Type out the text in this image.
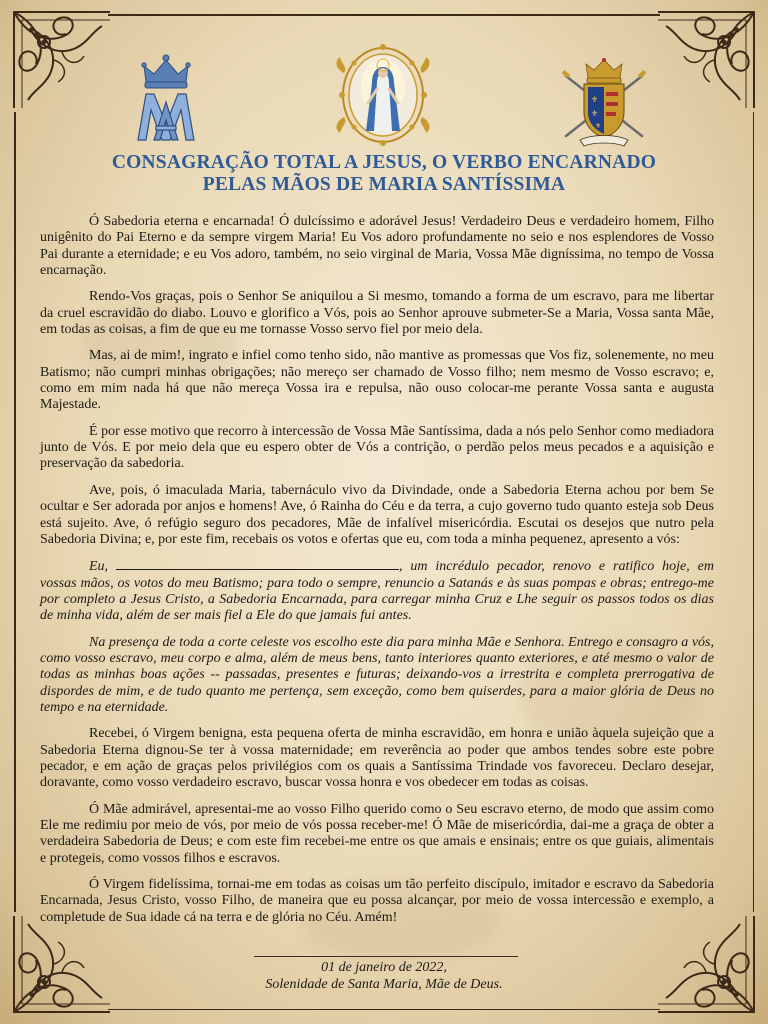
⚜
⚜
⚜
CONSAGRAÇÃO TOTAL A JESUS, O VERBO ENCARNADO
PELAS MÃOS DE MARIA SANTÍSSIMA

Ó Sabedoria eterna e encarnada! Ó dulcíssimo e adorável Jesus! Verdadeiro Deus e verdadeiro homem, Filho unigênito do Pai Eterno e da sempre virgem Maria! Eu Vos adoro profundamente no seio e nos esplendores de Vosso Pai durante a eternidade; e eu Vos adoro, também, no seio virginal de Maria, Vossa Mãe digníssima, no tempo de Vossa encarnação.

Rendo-Vos graças, pois o Senhor Se aniquilou a Si mesmo, tomando a forma de um escravo, para me libertar da cruel escravidão do diabo. Louvo e glorifico a Vós, pois ao Senhor aprouve submeter-Se a Maria, Vossa santa Mãe, em todas as coisas, a fim de que eu me tornasse Vosso servo fiel por meio dela.

Mas, ai de mim!, ingrato e infiel como tenho sido, não mantive as promessas que Vos fiz, solenemente, no meu Batismo; não cumpri minhas obrigações; não mereço ser chamado de Vosso filho; nem mesmo de Vosso escravo; e, como em mim nada há que não mereça Vossa ira e repulsa, não ouso colocar-me perante Vossa santa e augusta Majestade.

É por esse motivo que recorro à intercessão de Vossa Mãe Santíssima, dada a nós pelo Senhor como mediadora junto de Vós. E por meio dela que eu espero obter de Vós a contrição, o perdão pelos meus pecados e a aquisição e preservação da sabedoria.

Ave, pois, ó imaculada Maria, tabernáculo vivo da Divindade, onde a Sabedoria Eterna achou por bem Se ocultar e Ser adorada por anjos e homens! Ave, ó Rainha do Céu e da terra, a cujo governo tudo quanto esteja sob Deus está sujeito. Ave, ó refúgio seguro dos pecadores, Mãe de infalível misericórdia. Escutai os desejos que nutro pela Sabedoria Divina; e, por este fim, recebais os votos e ofertas que eu, com toda a minha pequenez, apresento a vós:

Eu,	, um incrédulo pecador, renovo e ratifico hoje, em vossas mãos, os votos do meu Batismo; para todo o sempre, renuncio a Satanás e às suas pompas e obras; entrego-me por completo a Jesus Cristo, a Sabedoria Encarnada, para carregar minha Cruz e Lhe seguir os passos todos os dias de minha vida, além de ser mais fiel a Ele do que jamais fui antes.

Na presença de toda a corte celeste vos escolho este dia para minha Mãe e Senhora. Entrego e consagro a vós, como vosso escravo, meu corpo e alma, além de meus bens, tanto interiores quanto exteriores, e até mesmo o valor de todas as minhas boas ações -- passadas, presentes e futuras; deixando-vos a irrestrita e completa prerrogativa de dispordes de mim, e de tudo quanto me pertença, sem exceção, como bem quiserdes, para a maior glória de Deus no tempo e na eternidade.

Recebei, ó Virgem benigna, esta pequena oferta de minha escravidão, em honra e união àquela sujeição que a Sabedoria Eterna dignou-Se ter à vossa maternidade; em reverência ao poder que ambos tendes sobre este pobre pecador, e em ação de graças pelos privilégios com os quais a Santíssima Trindade vos favoreceu. Declaro desejar, doravante, como vosso verdadeiro escravo, buscar vossa honra e vos obedecer em todas as coisas.

Ó Mãe admirável, apresentai-me ao vosso Filho querido como o Seu escravo eterno, de modo que assim como Ele me redimiu por meio de vós, por meio de vós possa receber-me! Ó Mãe de misericórdia, dai-me a graça de obter a verdadeira Sabedoria de Deus; e com este fim recebei-me entre os que amais e ensinais; entre os que guiais, alimentais e protegeis, como vossos filhos e escravos.

Ó Virgem fidelíssima, tornai-me em todas as coisas um tão perfeito discípulo, imitador e escravo da Sabedoria Encarnada, Jesus Cristo, vosso Filho, de maneira que eu possa alcançar, por meio de vossa intercessão e exemplo, a completude de Sua idade cá na terra e de glória no Céu. Amém!

01 de janeiro de 2022,
Solenidade de Santa Maria, Mãe de Deus.
